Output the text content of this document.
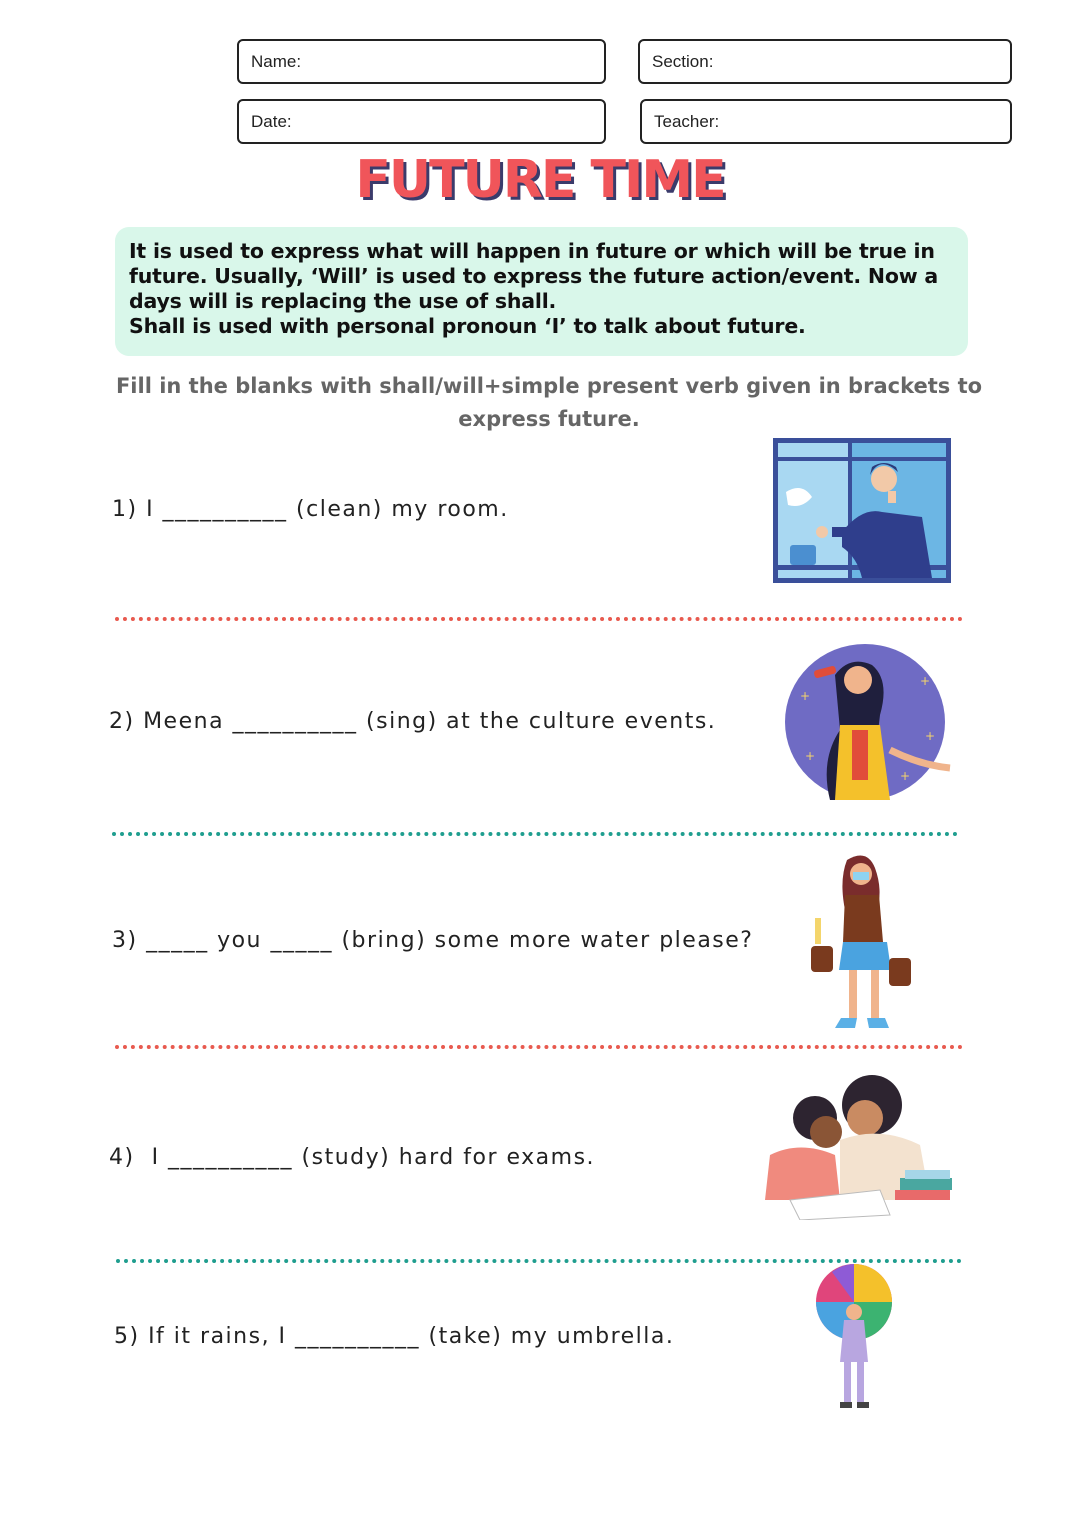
Name:	Section:
Date:	Teacher:
FUTURE TIME

It is used to express what will happen in future or which will be true in future. Usually, ‘Will’ is used to express the future action/event. Now a days will is replacing the use of shall.

Shall is used with personal pronoun ‘I’ to talk about future.

Fill in the blanks with shall/will+simple present verb given in brackets to express future.
1) I __________ (clean) my room.
2) Meena __________ (sing) at the culture events.
+
+
+
+
+
3) _____ you _____ (bring) some more water please?
4)  I __________ (study) hard for exams.
5) If it rains, I __________ (take) my umbrella.
